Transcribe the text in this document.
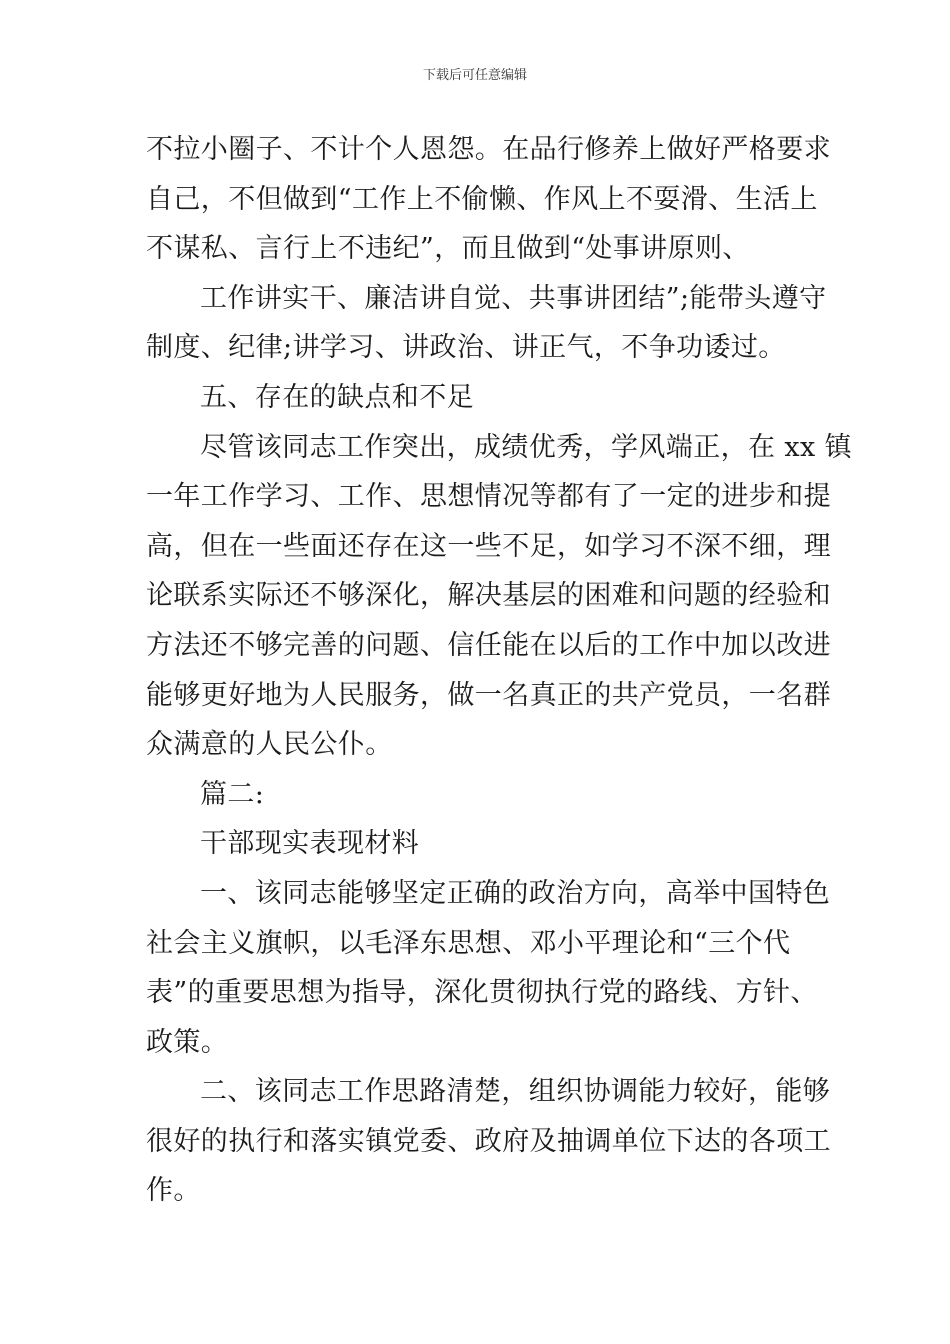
下载后可任意编辑
不拉小圈子、不计个人恩怨。在品行修养上做好严格要求
自己，不但做到“工作上不偷懒、作风上不耍滑、生活上
不谋私、言行上不违纪”，而且做到“处事讲原则、
工作讲实干、廉洁讲自觉、共事讲团结”;能带头遵守
制度、纪律;讲学习、讲政治、讲正气，不争功诿过。
五、存在的缺点和不足
尽管该同志工作突出，成绩优秀，学风端正，在 xx 镇
一年工作学习、工作、思想情况等都有了一定的进步和提
高，但在一些面还存在这一些不足，如学习不深不细，理
论联系实际还不够深化，解决基层的困难和问题的经验和
方法还不够完善的问题、信任能在以后的工作中加以改进
能够更好地为人民服务，做一名真正的共产党员，一名群
众满意的人民公仆。
篇二:
干部现实表现材料
一、该同志能够坚定正确的政治方向，高举中国特色
社会主义旗帜，以毛泽东思想、邓小平理论和“三个代
表”的重要思想为指导，深化贯彻执行党的路线、方针、
政策。
二、该同志工作思路清楚，组织协调能力较好，能够
很好的执行和落实镇党委、政府及抽调单位下达的各项工
作。
